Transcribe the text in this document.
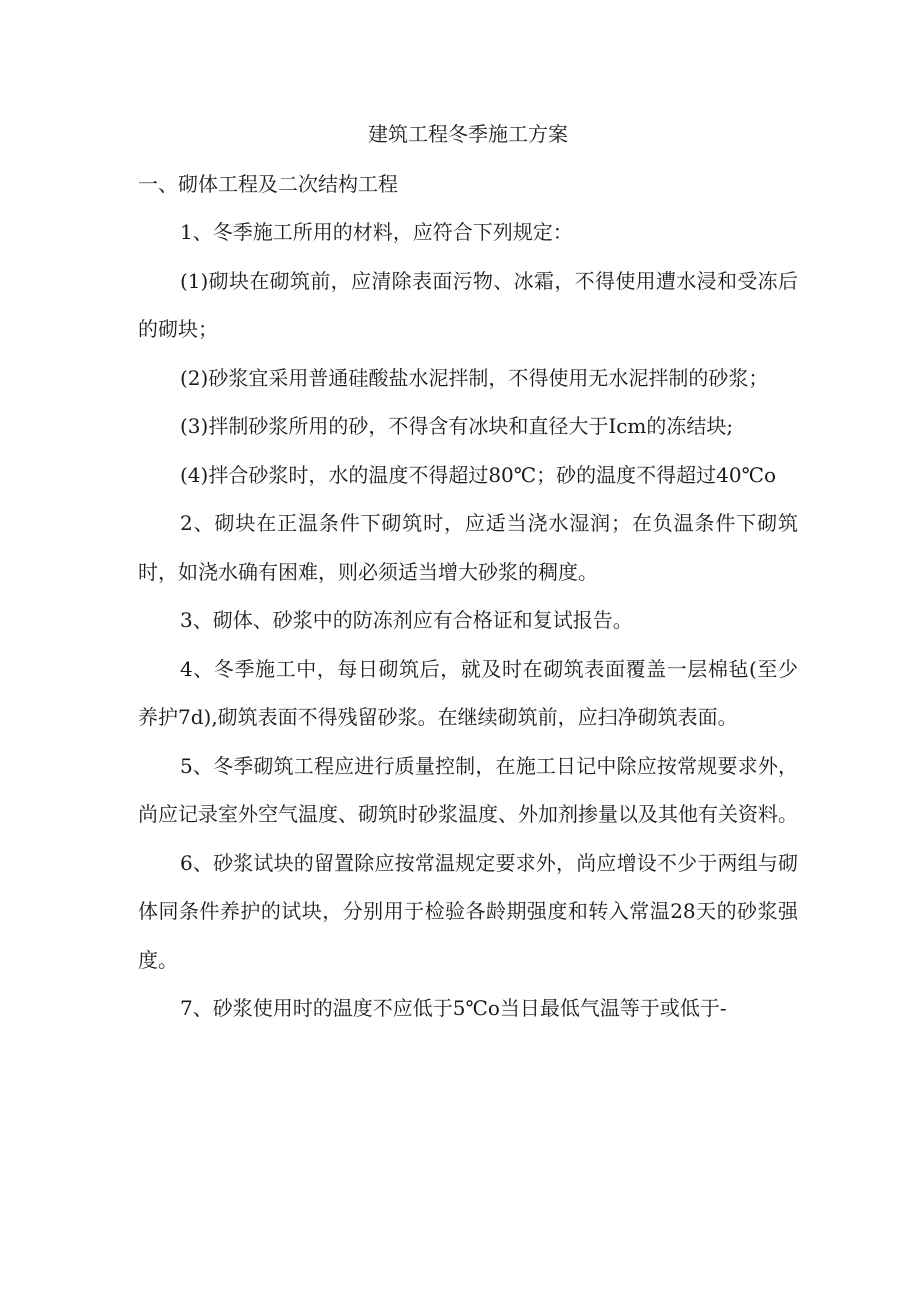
建筑工程冬季施工方案
一、砌体工程及二次结构工程

1、冬季施工所用的材料，应符合下列规定：

(1)砌块在砌筑前，应清除表面污物、冰霜，不得使用遭水浸和受冻后的砌块；

(2)砂浆宜采用普通硅酸盐水泥拌制，不得使用无水泥拌制的砂浆；

(3)拌制砂浆所用的砂，不得含有冰块和直径大于Icm的冻结块;

(4)拌合砂浆时，水的温度不得超过80℃；砂的温度不得超过40℃o

2、砌块在正温条件下砌筑时，应适当浇水湿润；在负温条件下砌筑时，如浇水确有困难，则必须适当增大砂浆的稠度。

3、砌体、砂浆中的防冻剂应有合格证和复试报告。

4、冬季施工中，每日砌筑后，就及时在砌筑表面覆盖一层棉毡(至少养护7d),砌筑表面不得残留砂浆。在继续砌筑前，应扫净砌筑表面。

5、冬季砌筑工程应进行质量控制，在施工日记中除应按常规要求外，尚应记录室外空气温度、砌筑时砂浆温度、外加剂掺量以及其他有关资料。

6、砂浆试块的留置除应按常温规定要求外，尚应增设不少于两组与砌体同条件养护的试块，分别用于检验各龄期强度和转入常温28天的砂浆强度。

7、砂浆使用时的温度不应低于5℃o当日最低气温等于或低于-
